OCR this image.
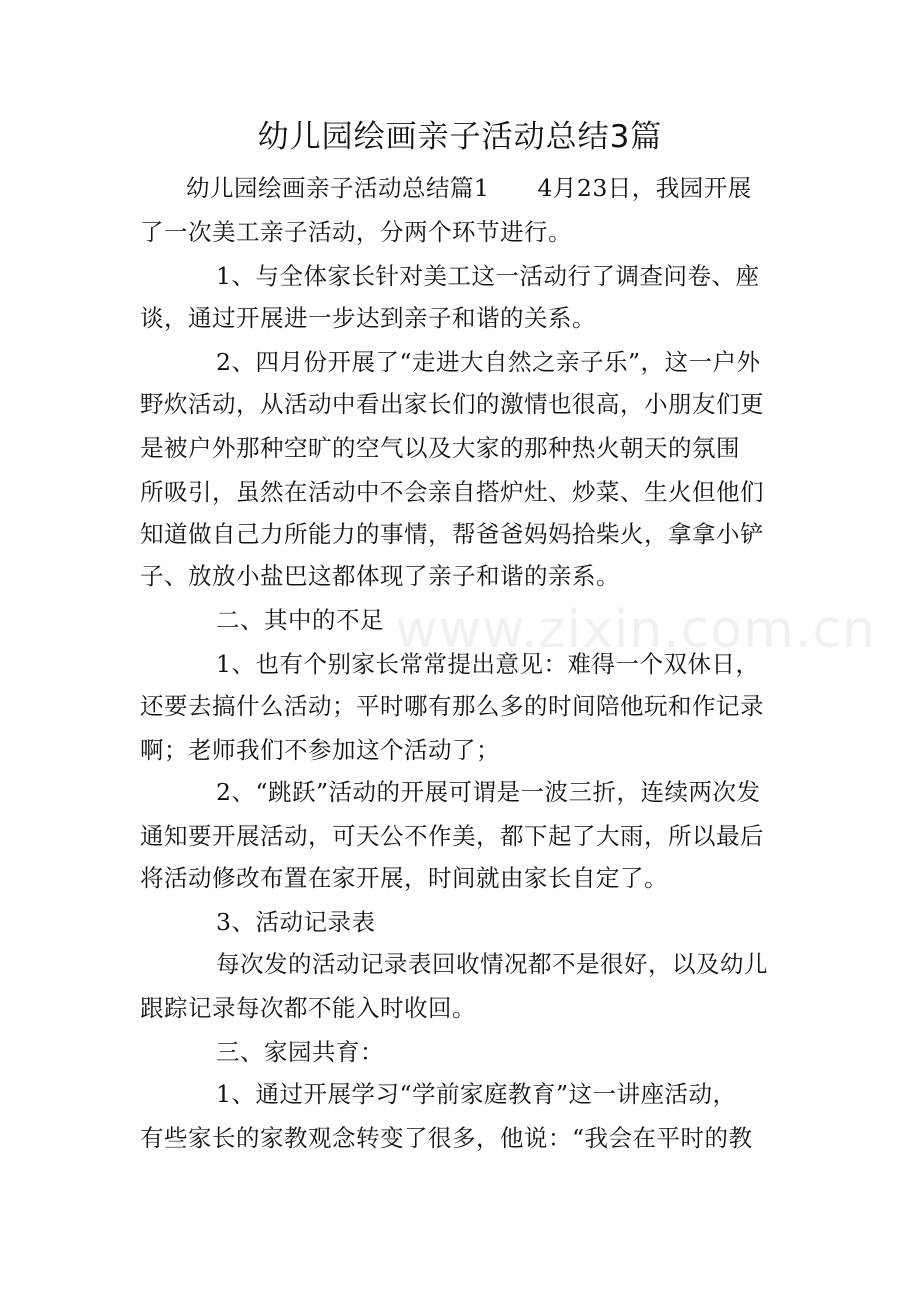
www.zixin.com.cn
幼儿园绘画亲子活动总结3篇
幼儿园绘画亲子活动总结篇1　　4月23日，我园开展
了一次美工亲子活动，分两个环节进行。
1、与全体家长针对美工这一活动行了调查问卷、座
谈，通过开展进一步达到亲子和谐的关系。
2、四月份开展了“走进大自然之亲子乐”，这一户外
野炊活动，从活动中看出家长们的激情也很高，小朋友们更
是被户外那种空旷的空气以及大家的那种热火朝天的氛围
所吸引，虽然在活动中不会亲自搭炉灶、炒菜、生火但他们
知道做自己力所能力的事情，帮爸爸妈妈拾柴火，拿拿小铲
子、放放小盐巴这都体现了亲子和谐的亲系。
二、其中的不足
1、也有个别家长常常提出意见：难得一个双休日，
还要去搞什么活动；平时哪有那么多的时间陪他玩和作记录
啊；老师我们不参加这个活动了；
2、“跳跃”活动的开展可谓是一波三折，连续两次发
通知要开展活动，可天公不作美，都下起了大雨，所以最后
将活动修改布置在家开展，时间就由家长自定了。
3、活动记录表
每次发的活动记录表回收情况都不是很好，以及幼儿
跟踪记录每次都不能入时收回。
三、家园共育：
1、通过开展学习“学前家庭教育”这一讲座活动，
有些家长的家教观念转变了很多，他说：“我会在平时的教
